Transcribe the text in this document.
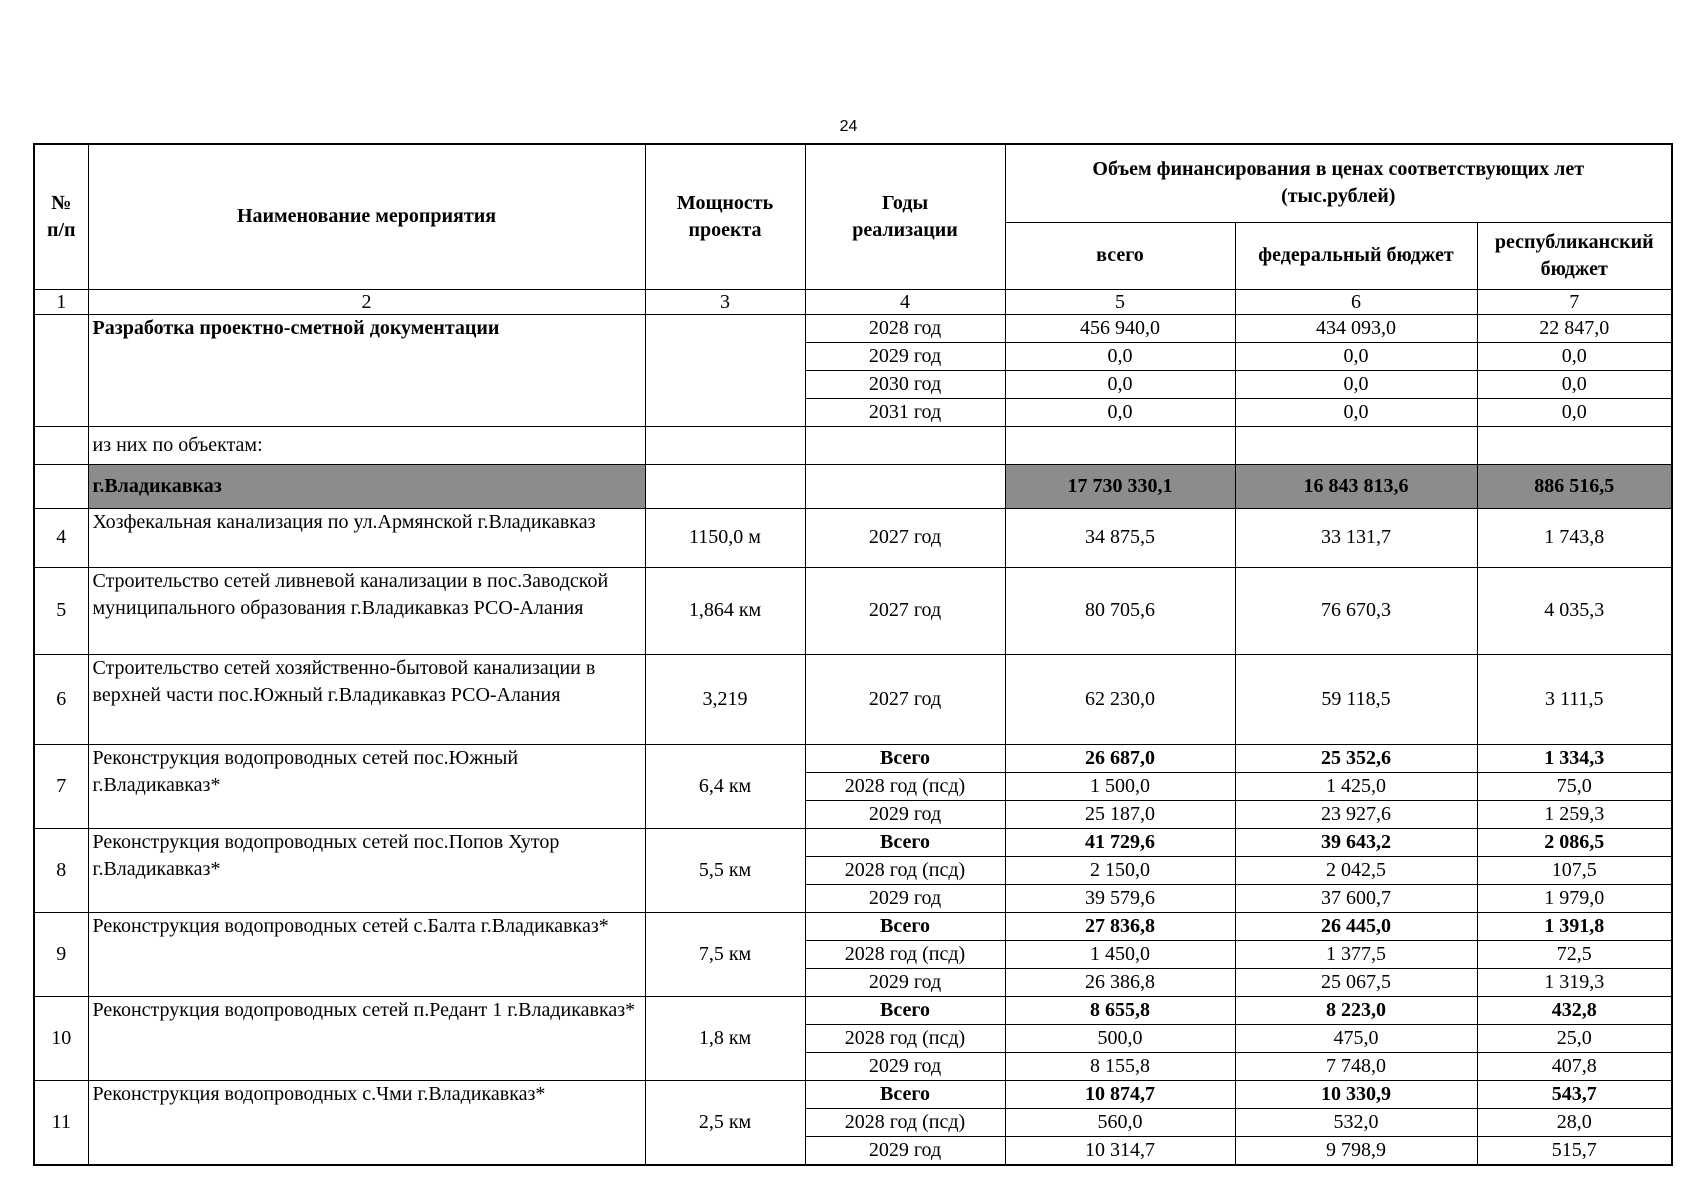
24
№ п/п	Наименование мероприятия	Мощность проекта	Годы реализации	Объем финансирования в ценах соответствующих лет (тыс.рублей)		
				всего	федеральный бюджет	республиканский бюджет
1	2	3	4	5	6	7
	Разработка проектно-сметной документации		2028 год	456 940,0	434 093,0	22 847,0
			2029 год	0,0	0,0	0,0
			2030 год	0,0	0,0	0,0
			2031 год	0,0	0,0	0,0
	из них по объектам:					
	г.Владикавказ			17 730 330,1	16 843 813,6	886 516,5
4	Хозфекальная канализация по ул.Армянской г.Владикавказ	1150,0 м	2027 год	34 875,5	33 131,7	1 743,8
5	Строительство сетей ливневой канализации в пос.Заводской муниципального образования г.Владикавказ РСО-Алания	1,864 км	2027 год	80 705,6	76 670,3	4 035,3
6	Строительство сетей хозяйственно-бытовой канализации в верхней части пос.Южный г.Владикавказ РСО-Алания	3,219	2027 год	62 230,0	59 118,5	3 111,5
7	Реконструкция водопроводных сетей пос.Южный г.Владикавказ*	6,4 км	Всего	26 687,0	25 352,6	1 334,3
			2028 год (псд)	1 500,0	1 425,0	75,0
			2029 год	25 187,0	23 927,6	1 259,3
8	Реконструкция водопроводных сетей пос.Попов Хутор г.Владикавказ*	5,5 км	Всего	41 729,6	39 643,2	2 086,5
			2028 год (псд)	2 150,0	2 042,5	107,5
			2029 год	39 579,6	37 600,7	1 979,0
9	Реконструкция водопроводных сетей с.Балта г.Владикавказ*	7,5 км	Всего	27 836,8	26 445,0	1 391,8
			2028 год (псд)	1 450,0	1 377,5	72,5
			2029 год	26 386,8	25 067,5	1 319,3
10	Реконструкция водопроводных сетей п.Редант 1 г.Владикавказ*	1,8 км	Всего	8 655,8	8 223,0	432,8
			2028 год (псд)	500,0	475,0	25,0
			2029 год	8 155,8	7 748,0	407,8
11	Реконструкция водопроводных с.Чми г.Владикавказ*	2,5 км	Всего	10 874,7	10 330,9	543,7
			2028 год (псд)	560,0	532,0	28,0
			2029 год	10 314,7	9 798,9	515,7
